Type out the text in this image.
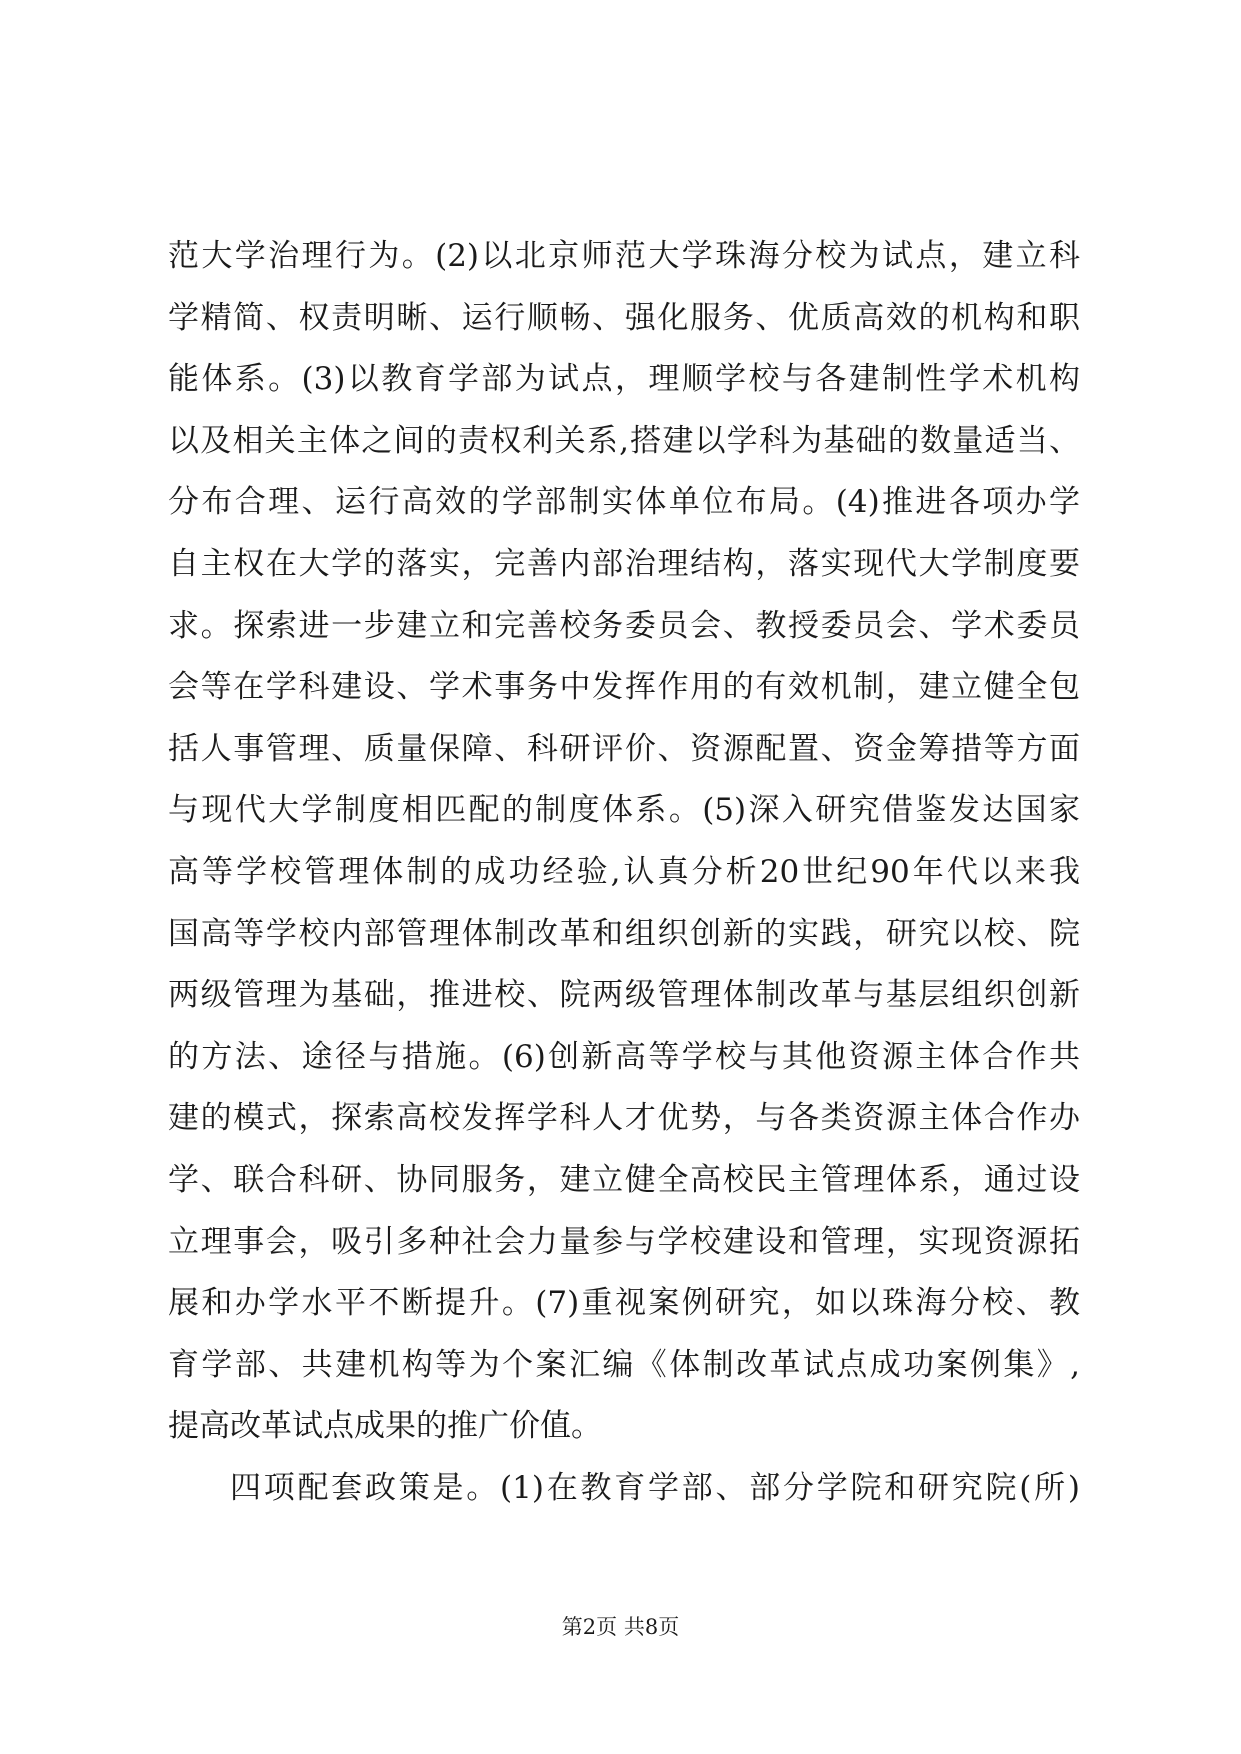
范大学治理行为。(2)以北京师范大学珠海分校为试点，建立科
学精简、权责明晰、运行顺畅、强化服务、优质高效的机构和职
能体系。(3)以教育学部为试点，理顺学校与各建制性学术机构
以及相关主体之间的责权利关系,搭建以学科为基础的数量适当、
分布合理、运行高效的学部制实体单位布局。(4)推进各项办学
自主权在大学的落实，完善内部治理结构，落实现代大学制度要
求。探索进一步建立和完善校务委员会、教授委员会、学术委员
会等在学科建设、学术事务中发挥作用的有效机制，建立健全包
括人事管理、质量保障、科研评价、资源配置、资金筹措等方面
与现代大学制度相匹配的制度体系。(5)深入研究借鉴发达国家
高等学校管理体制的成功经验,认真分析20世纪90年代以来我
国高等学校内部管理体制改革和组织创新的实践，研究以校、院
两级管理为基础，推进校、院两级管理体制改革与基层组织创新
的方法、途径与措施。(6)创新高等学校与其他资源主体合作共
建的模式，探索高校发挥学科人才优势，与各类资源主体合作办
学、联合科研、协同服务，建立健全高校民主管理体系，通过设
立理事会，吸引多种社会力量参与学校建设和管理，实现资源拓
展和办学水平不断提升。(7)重视案例研究，如以珠海分校、教
育学部、共建机构等为个案汇编《体制改革试点成功案例集》,
提高改革试点成果的推广价值。
四项配套政策是。(1)在教育学部、部分学院和研究院(所)
第2页 共8页
